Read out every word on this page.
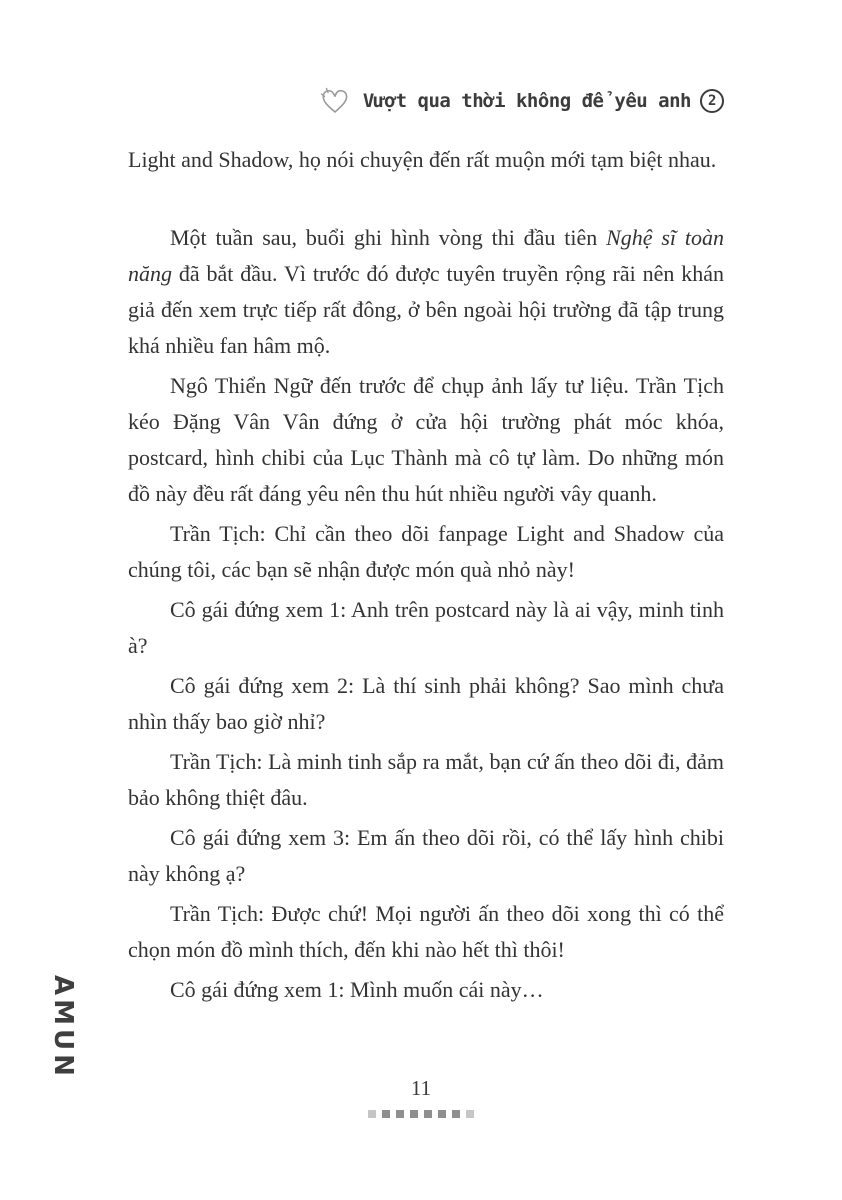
Vượt qua thời không để yêu anh 2

Light and Shadow, họ nói chuyện đến rất muộn mới tạm biệt nhau.

Một tuần sau, buổi ghi hình vòng thi đầu tiên Nghệ sĩ toàn năng đã bắt đầu. Vì trước đó được tuyên truyền rộng rãi nên khán giả đến xem trực tiếp rất đông, ở bên ngoài hội trường đã tập trung khá nhiều fan hâm mộ.

Ngô Thiển Ngữ đến trước để chụp ảnh lấy tư liệu. Trần Tịch kéo Đặng Vân Vân đứng ở cửa hội trường phát móc khóa, postcard, hình chibi của Lục Thành mà cô tự làm. Do những món đồ này đều rất đáng yêu nên thu hút nhiều người vây quanh.

Trần Tịch: Chỉ cần theo dõi fanpage Light and Shadow của chúng tôi, các bạn sẽ nhận được món quà nhỏ này!

Cô gái đứng xem 1: Anh trên postcard này là ai vậy, minh tinh à?

Cô gái đứng xem 2: Là thí sinh phải không? Sao mình chưa nhìn thấy bao giờ nhỉ?

Trần Tịch: Là minh tinh sắp ra mắt, bạn cứ ấn theo dõi đi, đảm bảo không thiệt đâu.

Cô gái đứng xem 3: Em ấn theo dõi rồi, có thể lấy hình chibi này không ạ?

Trần Tịch: Được chứ! Mọi người ấn theo dõi xong thì có thể chọn món đồ mình thích, đến khi nào hết thì thôi!

Cô gái đứng xem 1: Mình muốn cái này…

AMUN
11
